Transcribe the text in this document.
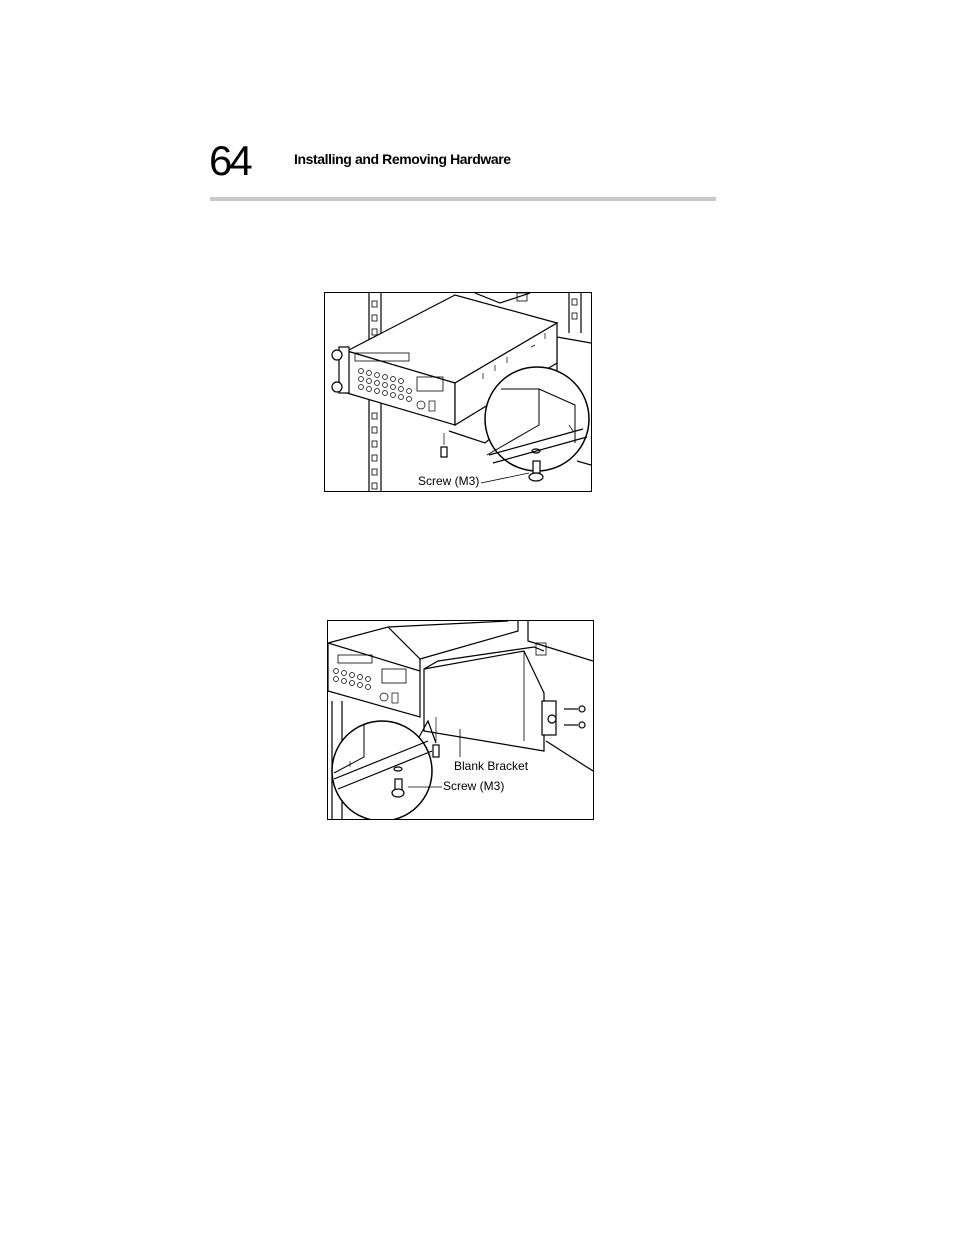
64	Installing and Removing Hardware
Screw (M3)
Blank Bracket
Screw (M3)
